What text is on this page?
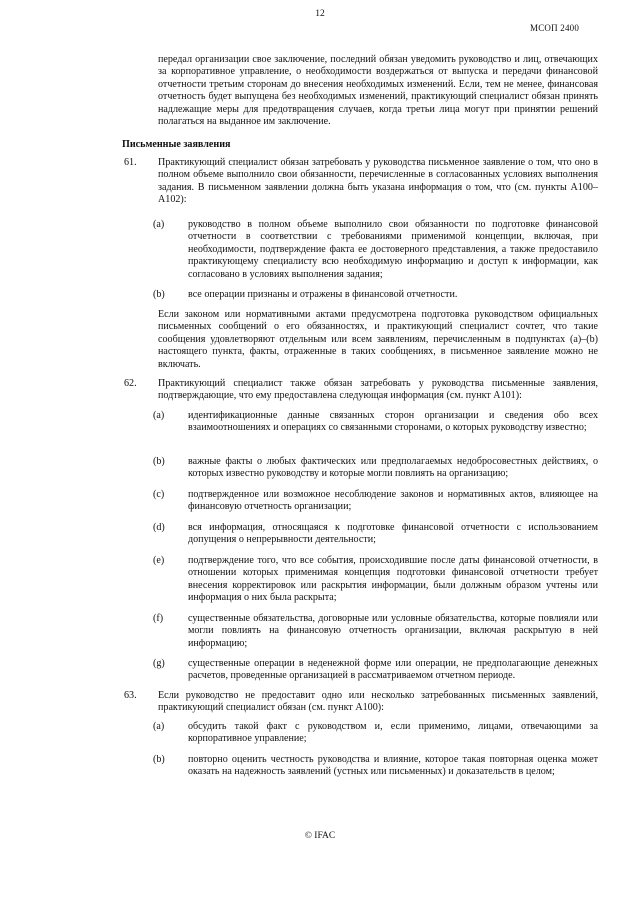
12
МСОП 2400

передал организации свое заключение, последний обязан уведомить руководство и лиц, отвечающих за корпоративное управление, о необходимости воздержаться от выпуска и передачи финансовой отчетности третьим сторонам до внесения необходимых изменений. Если, тем не менее, финансовая отчетность будет выпущена без необходимых изменений, практикующий специалист обязан принять надлежащие меры для предотвращения случаев, когда третьи лица могут при принятии решений полагаться на выданное им заключение.

Письменные заявления
61. Практикующий специалист обязан затребовать у руководства письменное заявление о том, что оно в полном объеме выполнило свои обязанности, перечисленные в согласованных условиях выполнения задания. В письменном заявлении должна быть указана информация о том, что (см. пункты А100–А102):

(a) руководство в полном объеме выполнило свои обязанности по подготовке финансовой отчетности в соответствии с требованиями применимой концепции, включая, при необходимости, подтверждение факта ее достоверного представления, а также предоставило практикующему специалисту всю необходимую информацию и доступ к информации, как согласовано в условиях выполнения задания;

(b) все операции признаны и отражены в финансовой отчетности.

Если законом или нормативными актами предусмотрена подготовка руководством официальных письменных сообщений о его обязанностях, и практикующий специалист сочтет, что такие сообщения удовлетворяют отдельным или всем заявлениям, перечисленным в подпунктах (а)–(b) настоящего пункта, факты, отраженные в таких сообщениях, в письменное заявление можно не включать.

62. Практикующий специалист также обязан затребовать у руководства письменные заявления, подтверждающие, что ему предоставлена следующая информация (см. пункт А101):

(a) идентификационные данные связанных сторон организации и сведения обо всех взаимоотношениях и операциях со связанными сторонами, о которых руководству известно;

(b) важные факты о любых фактических или предполагаемых недобросовестных действиях, о которых известно руководству и которые могли повлиять на организацию;

(c) подтвержденное или возможное несоблюдение законов и нормативных актов, влияющее на финансовую отчетность организации;

(d) вся информация, относящаяся к подготовке финансовой отчетности с использованием допущения о непрерывности деятельности;

(e) подтверждение того, что все события, происходившие после даты финансовой отчетности, в отношении которых применимая концепция подготовки финансовой отчетности требует внесения корректировок или раскрытия информации, были должным образом учтены или информация о них была раскрыта;

(f) существенные обязательства, договорные или условные обязательства, которые повлияли или могли повлиять на финансовую отчетность организации, включая раскрытую в ней информацию;

(g) существенные операции в неденежной форме или операции, не предполагающие денежных расчетов, проведенные организацией в рассматриваемом отчетном периоде.

63. Если руководство не предоставит одно или несколько затребованных письменных заявлений, практикующий специалист обязан (см. пункт А100):

(a) обсудить такой факт с руководством и, если применимо, лицами, отвечающими за корпоративное управление;

(b) повторно оценить честность руководства и влияние, которое такая повторная оценка может оказать на надежность заявлений (устных или письменных) и доказательств в целом;

© IFAC
